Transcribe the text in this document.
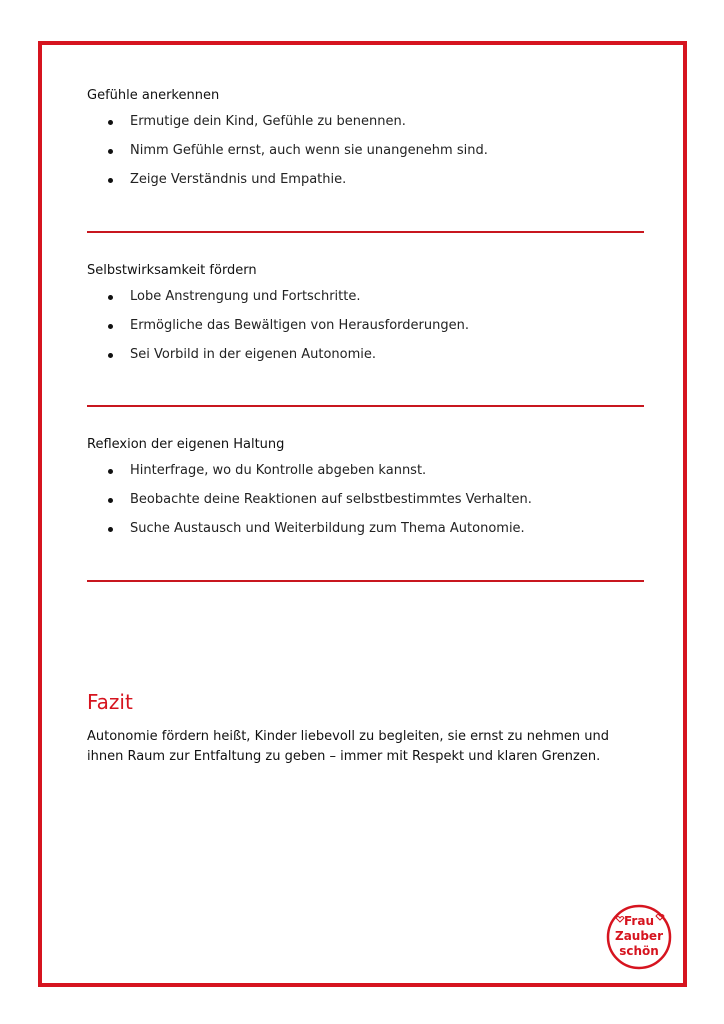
Gefühle anerkennen
Ermutige dein Kind, Gefühle zu benennen.
Nimm Gefühle ernst, auch wenn sie unangenehm sind.
Zeige Verständnis und Empathie.
Selbstwirksamkeit fördern
Lobe Anstrengung und Fortschritte.
Ermögliche das Bewältigen von Herausforderungen.
Sei Vorbild in der eigenen Autonomie.
Reflexion der eigenen Haltung
Hinterfrage, wo du Kontrolle abgeben kannst.
Beobachte deine Reaktionen auf selbstbestimmtes Verhalten.
Suche Austausch und Weiterbildung zum Thema Autonomie.
Fazit

Autonomie fördern heißt, Kinder liebevoll zu begleiten, sie ernst zu nehmen und ihnen Raum zur Entfaltung zu geben – immer mit Respekt und klaren Grenzen.

Frau
Zauber
schön
